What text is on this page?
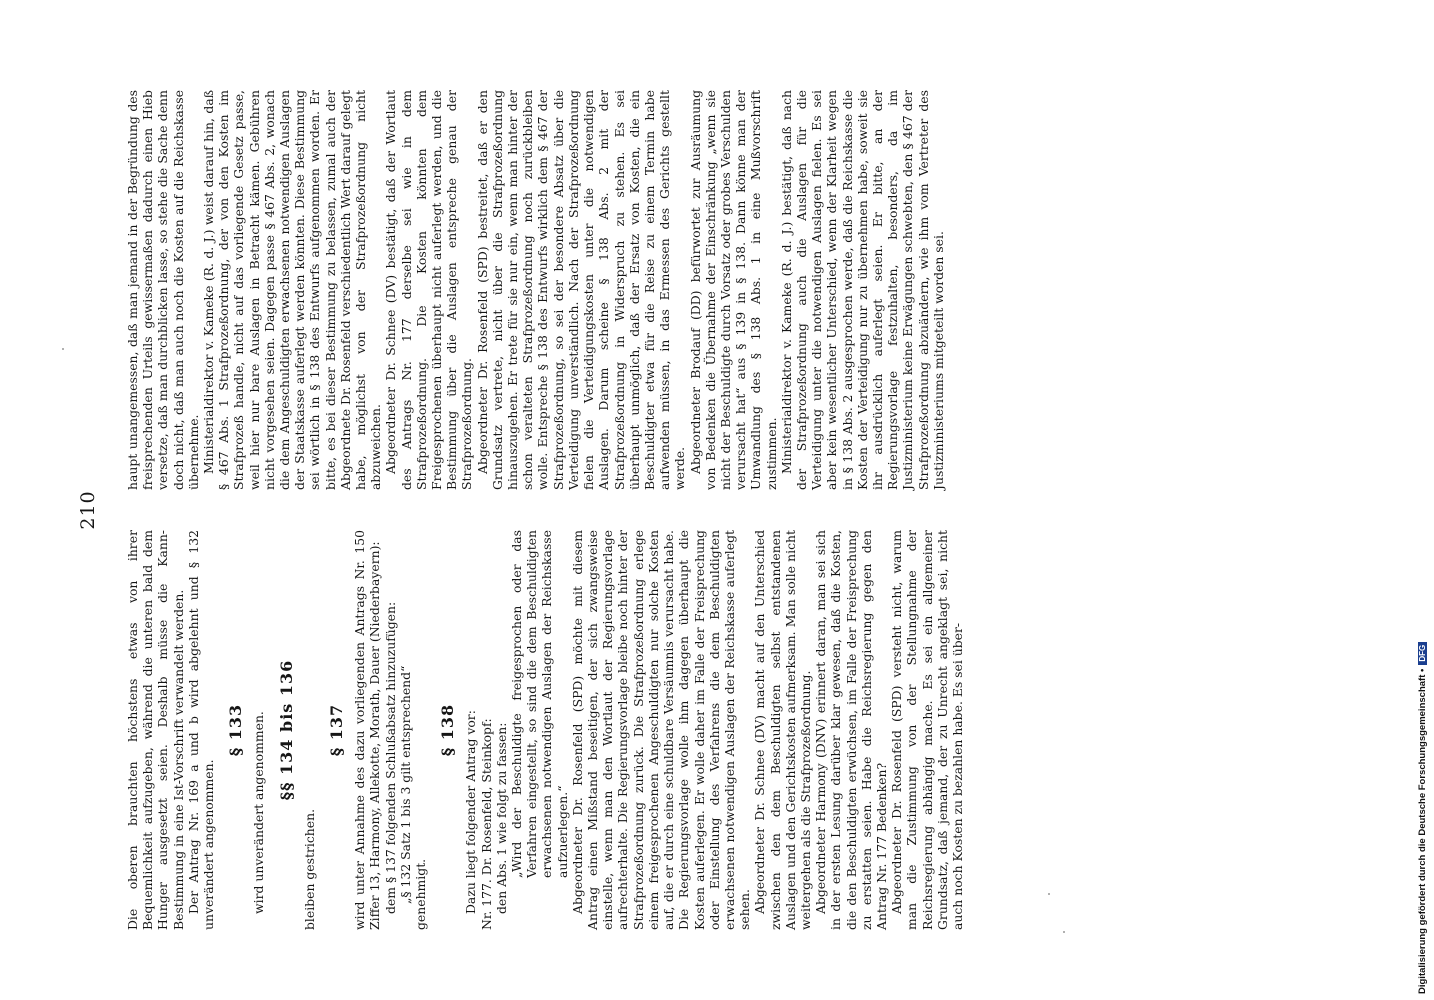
210

Die oberen brauchten höchstens etwas von ihrer Bequemlichkeit aufzugeben, während die unteren bald dem Hunger ausgesetzt seien. Deshalb müsse die Kann-Bestimmung in eine Ist-Vorschrift verwandelt werden. Der Antrag Nr. 169 a und b wird abgelehnt und § 132 unverändert angenommen.

§ 133 wird unverändert angenommen. §§ 134 bis 136

bleiben gestrichen.

§ 137 wird unter Annahme des dazu vorliegenden Antrags Nr. 150 Ziffer 13, Harmony, Allekotte, Morath, Dauer (Niederbayern): dem § 137 folgenden Schlußabsatz hinzuzufügen: „§ 132 Satz 1 bis 3 gilt entsprechend“ genehmigt.

§ 138 Dazu liegt folgender Antrag vor: Nr. 177. Dr. Rosenfeld, Steinkopf: den Abs. 1 wie folgt zu fassen: „Wird der Beschuldigte freigesprochen oder das Verfahren eingestellt, so sind die dem Beschuldigten erwachsenen notwendigen Auslagen der Reichskasse aufzuerlegen.“ Abgeordneter Dr. Rosenfeld (SPD) möchte mit diesem Antrag einen Mißstand beseitigen, der sich zwangsweise einstelle, wenn man den Wortlaut der Regierungsvorlage aufrechterhalte. Die Regierungsvorlage bleibe noch hinter der Strafprozeßordnung zurück. Die Strafprozeßordnung erlege einem freigesprochenen Angeschuldigten nur solche Kosten auf, die er durch eine schuldbare Versäumnis verursacht habe. Die Regierungsvorlage wolle ihm dagegen überhaupt die Kosten auferlegen. Er wolle daher im Falle der Freisprechung oder Einstellung des Verfahrens die dem Beschuldigten erwachsenen notwendigen Auslagen der Reichskasse auferlegt sehen. Abgeordneter Dr. Schnee (DV) macht auf den Unterschied zwischen den dem Beschuldigten selbst entstandenen Auslagen und den Gerichtskosten aufmerksam. Man solle nicht weitergehen als die Strafprozeßordnung. Abgeordneter Harmony (DNV) erinnert daran, man sei sich in der ersten Lesung darüber klar gewesen, daß die Kosten, die den Beschuldigten erwüchsen, im Falle der Freisprechung zu erstatten seien. Habe die Reichsregierung gegen den Antrag Nr. 177 Bedenken? Abgeordneter Dr. Rosenfeld (SPD) versteht nicht, warum man die Zustimmung von der Stellungnahme der Reichsregierung abhängig mache. Es sei ein allgemeiner Grundsatz, daß jemand, der zu Unrecht angeklagt sei, nicht auch noch Kosten zu bezahlen habe. Es sei über-

haupt unangemessen, daß man jemand in der Begründung des freisprechenden Urteils gewissermaßen dadurch einen Hieb versetze, daß man durchblicken lasse, so stehe die Sache denn doch nicht, daß man auch noch die Kosten auf die Reichskasse übernehme. Ministerialdirektor v. Kameke (R. d. J.) weist darauf hin, daß § 467 Abs. 1 Strafprozeßordnung, der von den Kosten im Strafprozeß handle, nicht auf das vorliegende Gesetz passe, weil hier nur bare Auslagen in Betracht kämen. Gebühren nicht vorgesehen seien. Dagegen passe § 467 Abs. 2, wonach die dem Angeschuldigten erwachsenen notwendigen Auslagen der Staatskasse auferlegt werden könnten. Diese Bestimmung sei wörtlich in § 138 des Entwurfs aufgenommen worden. Er bitte, es bei dieser Bestimmung zu belassen, zumal auch der Abgeordnete Dr. Rosenfeld verschiedentlich Wert darauf gelegt habe, möglichst von der Strafprozeßordnung nicht abzuweichen. Abgeordneter Dr. Schnee (DV) bestätigt, daß der Wortlaut des Antrags Nr. 177 derselbe sei wie in dem Strafprozeßordnung. Die Kosten könnten dem Freigesprochenen überhaupt nicht auferlegt werden, und die Bestimmung über die Auslagen entspreche genau der Strafprozeßordnung. Abgeordneter Dr. Rosenfeld (SPD) bestreitet, daß er den Grundsatz vertrete, nicht über die Strafprozeßordnung hinauszugehen. Er trete für sie nur ein, wenn man hinter der schon veralteten Strafprozeßordnung noch zurückbleiben wolle. Entspreche § 138 des Entwurfs wirklich dem § 467 der Strafprozeßordnung, so sei der besondere Absatz über die Verteidigung unverständlich. Nach der Strafprozeßordnung fielen die Verteidigungskosten unter die notwendigen Auslagen. Darum scheine § 138 Abs. 2 mit der Strafprozeßordnung in Widerspruch zu stehen. Es sei überhaupt unmöglich, daß der Ersatz von Kosten, die ein Beschuldigter etwa für die Reise zu einem Termin habe aufwenden müssen, in das Ermessen des Gerichts gestellt werde. Abgeordneter Brodauf (DD) befürwortet zur Ausräumung von Bedenken die Übernahme der Einschränkung „wenn sie nicht der Beschuldigte durch Vorsatz oder grobes Verschulden verursacht hat“ aus § 139 in § 138. Dann könne man der Umwandlung des § 138 Abs. 1 in eine Mußvorschrift zustimmen. Ministerialdirektor v. Kameke (R. d. J.) bestätigt, daß nach der Strafprozeßordnung auch die Auslagen für die Verteidigung unter die notwendigen Auslagen fielen. Es sei aber kein wesentlicher Unterschied, wenn der Klarheit wegen in § 138 Abs. 2 ausgesprochen werde, daß die Reichskasse die Kosten der Verteidigung nur zu übernehmen habe, soweit sie ihr ausdrücklich auferlegt seien. Er bitte, an der Regierungsvorlage festzuhalten, besonders, da im Justizministerium keine Erwägungen schwebten, den § 467 der Strafprozeßordnung abzuändern, wie ihm vom Vertreter des Justizministeriums mitgeteilt worden sei.

Digitalisierung gefördert durch die Deutsche Forschungsgemeinschaft •DFG
